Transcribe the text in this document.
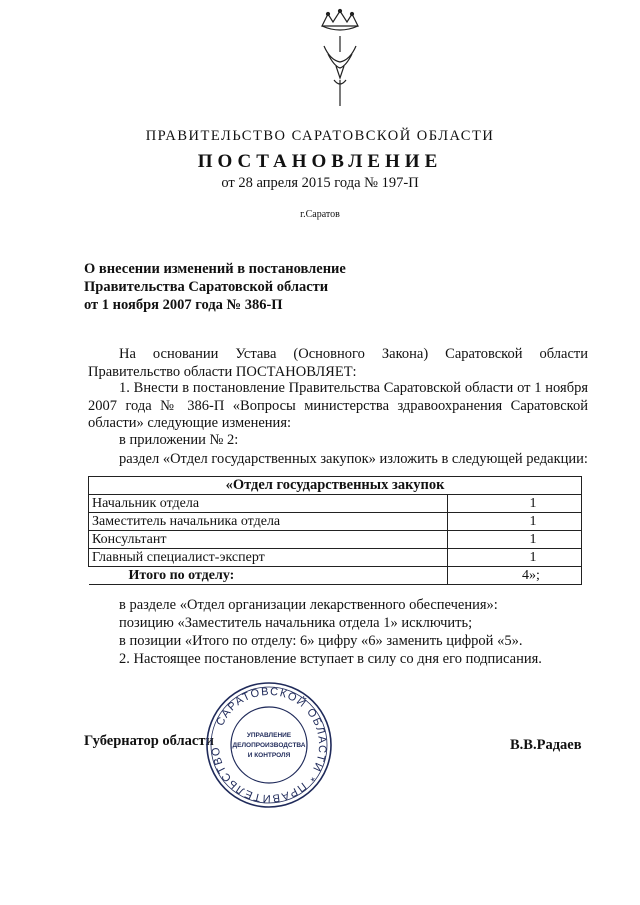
ПРАВИТЕЛЬСТВО САРАТОВСКОЙ ОБЛАСТИ
ПОСТАНОВЛЕНИЕ
от 28 апреля 2015 года № 197-П
г.Саратов
О внесении изменений в постановление
Правительства Саратовской области
от 1 ноября 2007 года № 386-П
На основании Устава (Основного Закона) Саратовской области Правительство области ПОСТАНОВЛЯЕТ:
1. Внести в постановление Правительства Саратовской области от 1 ноября 2007 года № 386-П «Вопросы министерства здравоохранения Саратовской области» следующие изменения:
в приложении № 2:
раздел «Отдел государственных закупок» изложить в следующей редакции:
«Отдел государственных закупок	
Начальник отдела	1
Заместитель начальника отдела	1
Консультант	1
Главный специалист-эксперт	1
Итого по отделу:	4»;
в разделе «Отдел организации лекарственного обеспечения»:
позицию «Заместитель начальника отдела 1» исключить;
в позиции «Итого по отделу: 6» цифру «6» заменить цифрой «5».
2. Настоящее постановление вступает в силу со дня его подписания.
Губернатор области	В.В.Радаев
САРАТОВСКОЙ ОБЛАСТИ * ПРАВИТЕЛЬСТВО
УПРАВЛЕНИЕ
ДЕЛОПРОИЗВОДСТВА
И КОНТРОЛЯ
